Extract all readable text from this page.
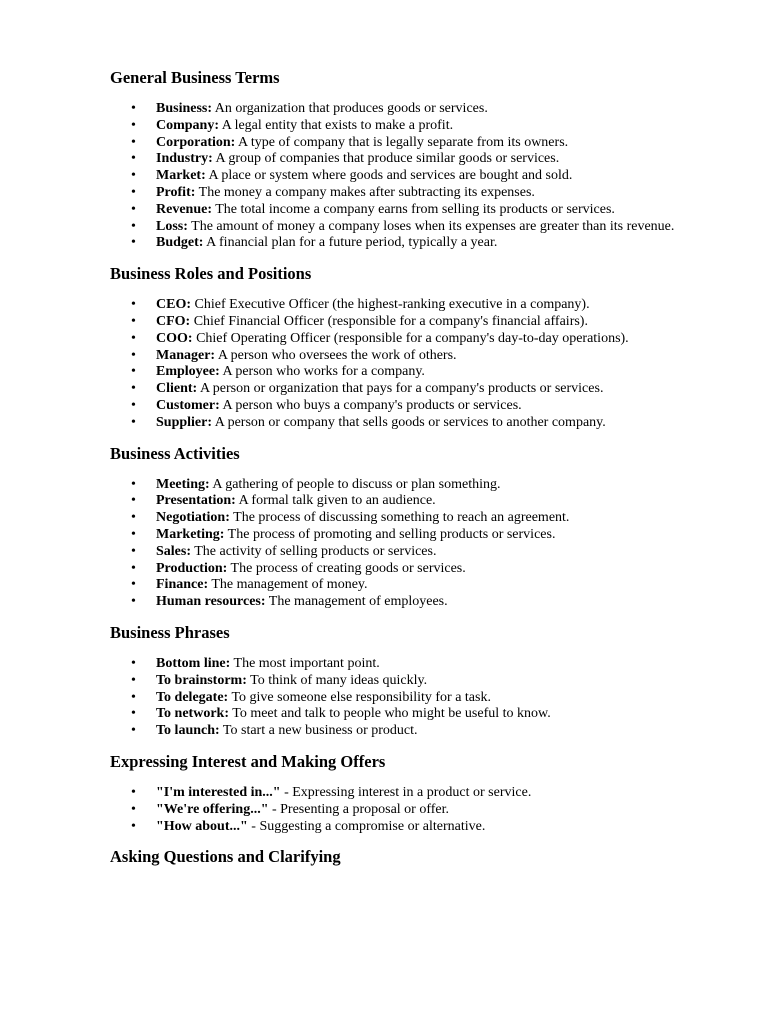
General Business Terms
• Business: An organization that produces goods or services.
• Company: A legal entity that exists to make a profit.
• Corporation: A type of company that is legally separate from its owners.
• Industry: A group of companies that produce similar goods or services.
• Market: A place or system where goods and services are bought and sold.
• Profit: The money a company makes after subtracting its expenses.
• Revenue: The total income a company earns from selling its products or services.
• Loss: The amount of money a company loses when its expenses are greater than its revenue.
• Budget: A financial plan for a future period, typically a year.
Business Roles and Positions
• CEO: Chief Executive Officer (the highest-ranking executive in a company).
• CFO: Chief Financial Officer (responsible for a company's financial affairs).
• COO: Chief Operating Officer (responsible for a company's day-to-day operations).
• Manager: A person who oversees the work of others.
• Employee: A person who works for a company.
• Client: A person or organization that pays for a company's products or services.
• Customer: A person who buys a company's products or services.
• Supplier: A person or company that sells goods or services to another company.
Business Activities
• Meeting: A gathering of people to discuss or plan something.
• Presentation: A formal talk given to an audience.
• Negotiation: The process of discussing something to reach an agreement.
• Marketing: The process of promoting and selling products or services.
• Sales: The activity of selling products or services.
• Production: The process of creating goods or services.
• Finance: The management of money.
• Human resources: The management of employees.
Business Phrases
• Bottom line: The most important point.
• To brainstorm: To think of many ideas quickly.
• To delegate: To give someone else responsibility for a task.
• To network: To meet and talk to people who might be useful to know.
• To launch: To start a new business or product.
Expressing Interest and Making Offers
• "I'm interested in..." - Expressing interest in a product or service.
• "We're offering..." - Presenting a proposal or offer.
• "How about..." - Suggesting a compromise or alternative.
Asking Questions and Clarifying
